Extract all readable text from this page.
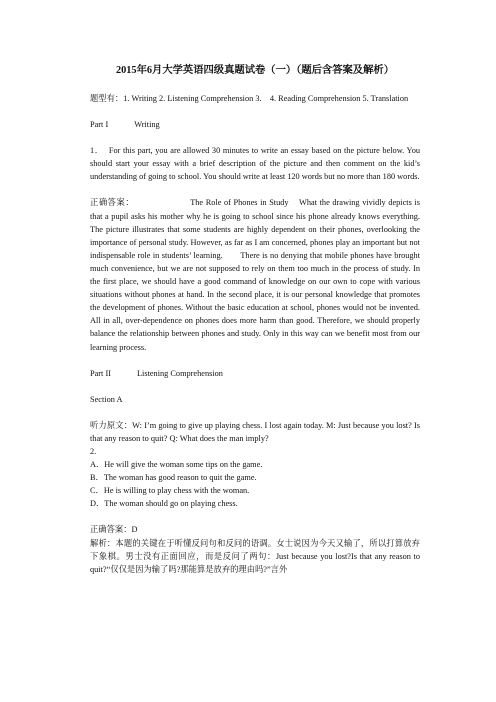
2015年6月大学英语四级真题试卷（一）（题后含答案及解析）

题型有：1. Writing 2. Listening Comprehension 3.　4. Reading Comprehension 5. Translation

Part I	Writing

1． For this part, you are allowed 30 minutes to write an essay based on the picture below. You should start your essay with a brief description of the picture and then comment on the kid’s understanding of going to school. You should write at least 120 words but no more than 180 words.

正确答案：	The Role of Phones in Study What the drawing vividly depicts is that a pupil asks his mother why he is going to school since his phone already knows everything. The picture illustrates that some students are highly dependent on their phones, overlooking the importance of personal study. However, as far as I am concerned, phones play an important but not indispensable role in students’ learning.　　There is no denying that mobile phones have brought much convenience, but we are not supposed to rely on them too much in the process of study. In the first place, we should have a good command of knowledge on our own to cope with various situations without phones at hand. In the second place, it is our personal knowledge that promotes the development of phones. Without the basic education at school, phones would not be invented.　　All in all, over-dependence on phones does more harm than good. Therefore, we should properly balance the relationship between phones and study. Only in this way can we benefit most from our learning process.

Part II	Listening Comprehension

Section A

听力原文：W: I’m going to give up playing chess. I lost again today. M: Just because you lost? Is that any reason to quit? Q: What does the man imply?

2.

A．He will give the woman some tips on the game.
B．The woman has good reason to quit the game.
C．He is willing to play chess with the woman.
D．The woman should go on playing chess.

正确答案：D

解析：本题的关键在于听懂反问句和反问的语调。女士说因为今天又输了，所以打算放弃下象棋。男士没有正面回应，而是反问了两句：Just because you lost?Is that any reason to quit?“仅仅是因为输了吗?那能算是放弃的理由吗?”言外
